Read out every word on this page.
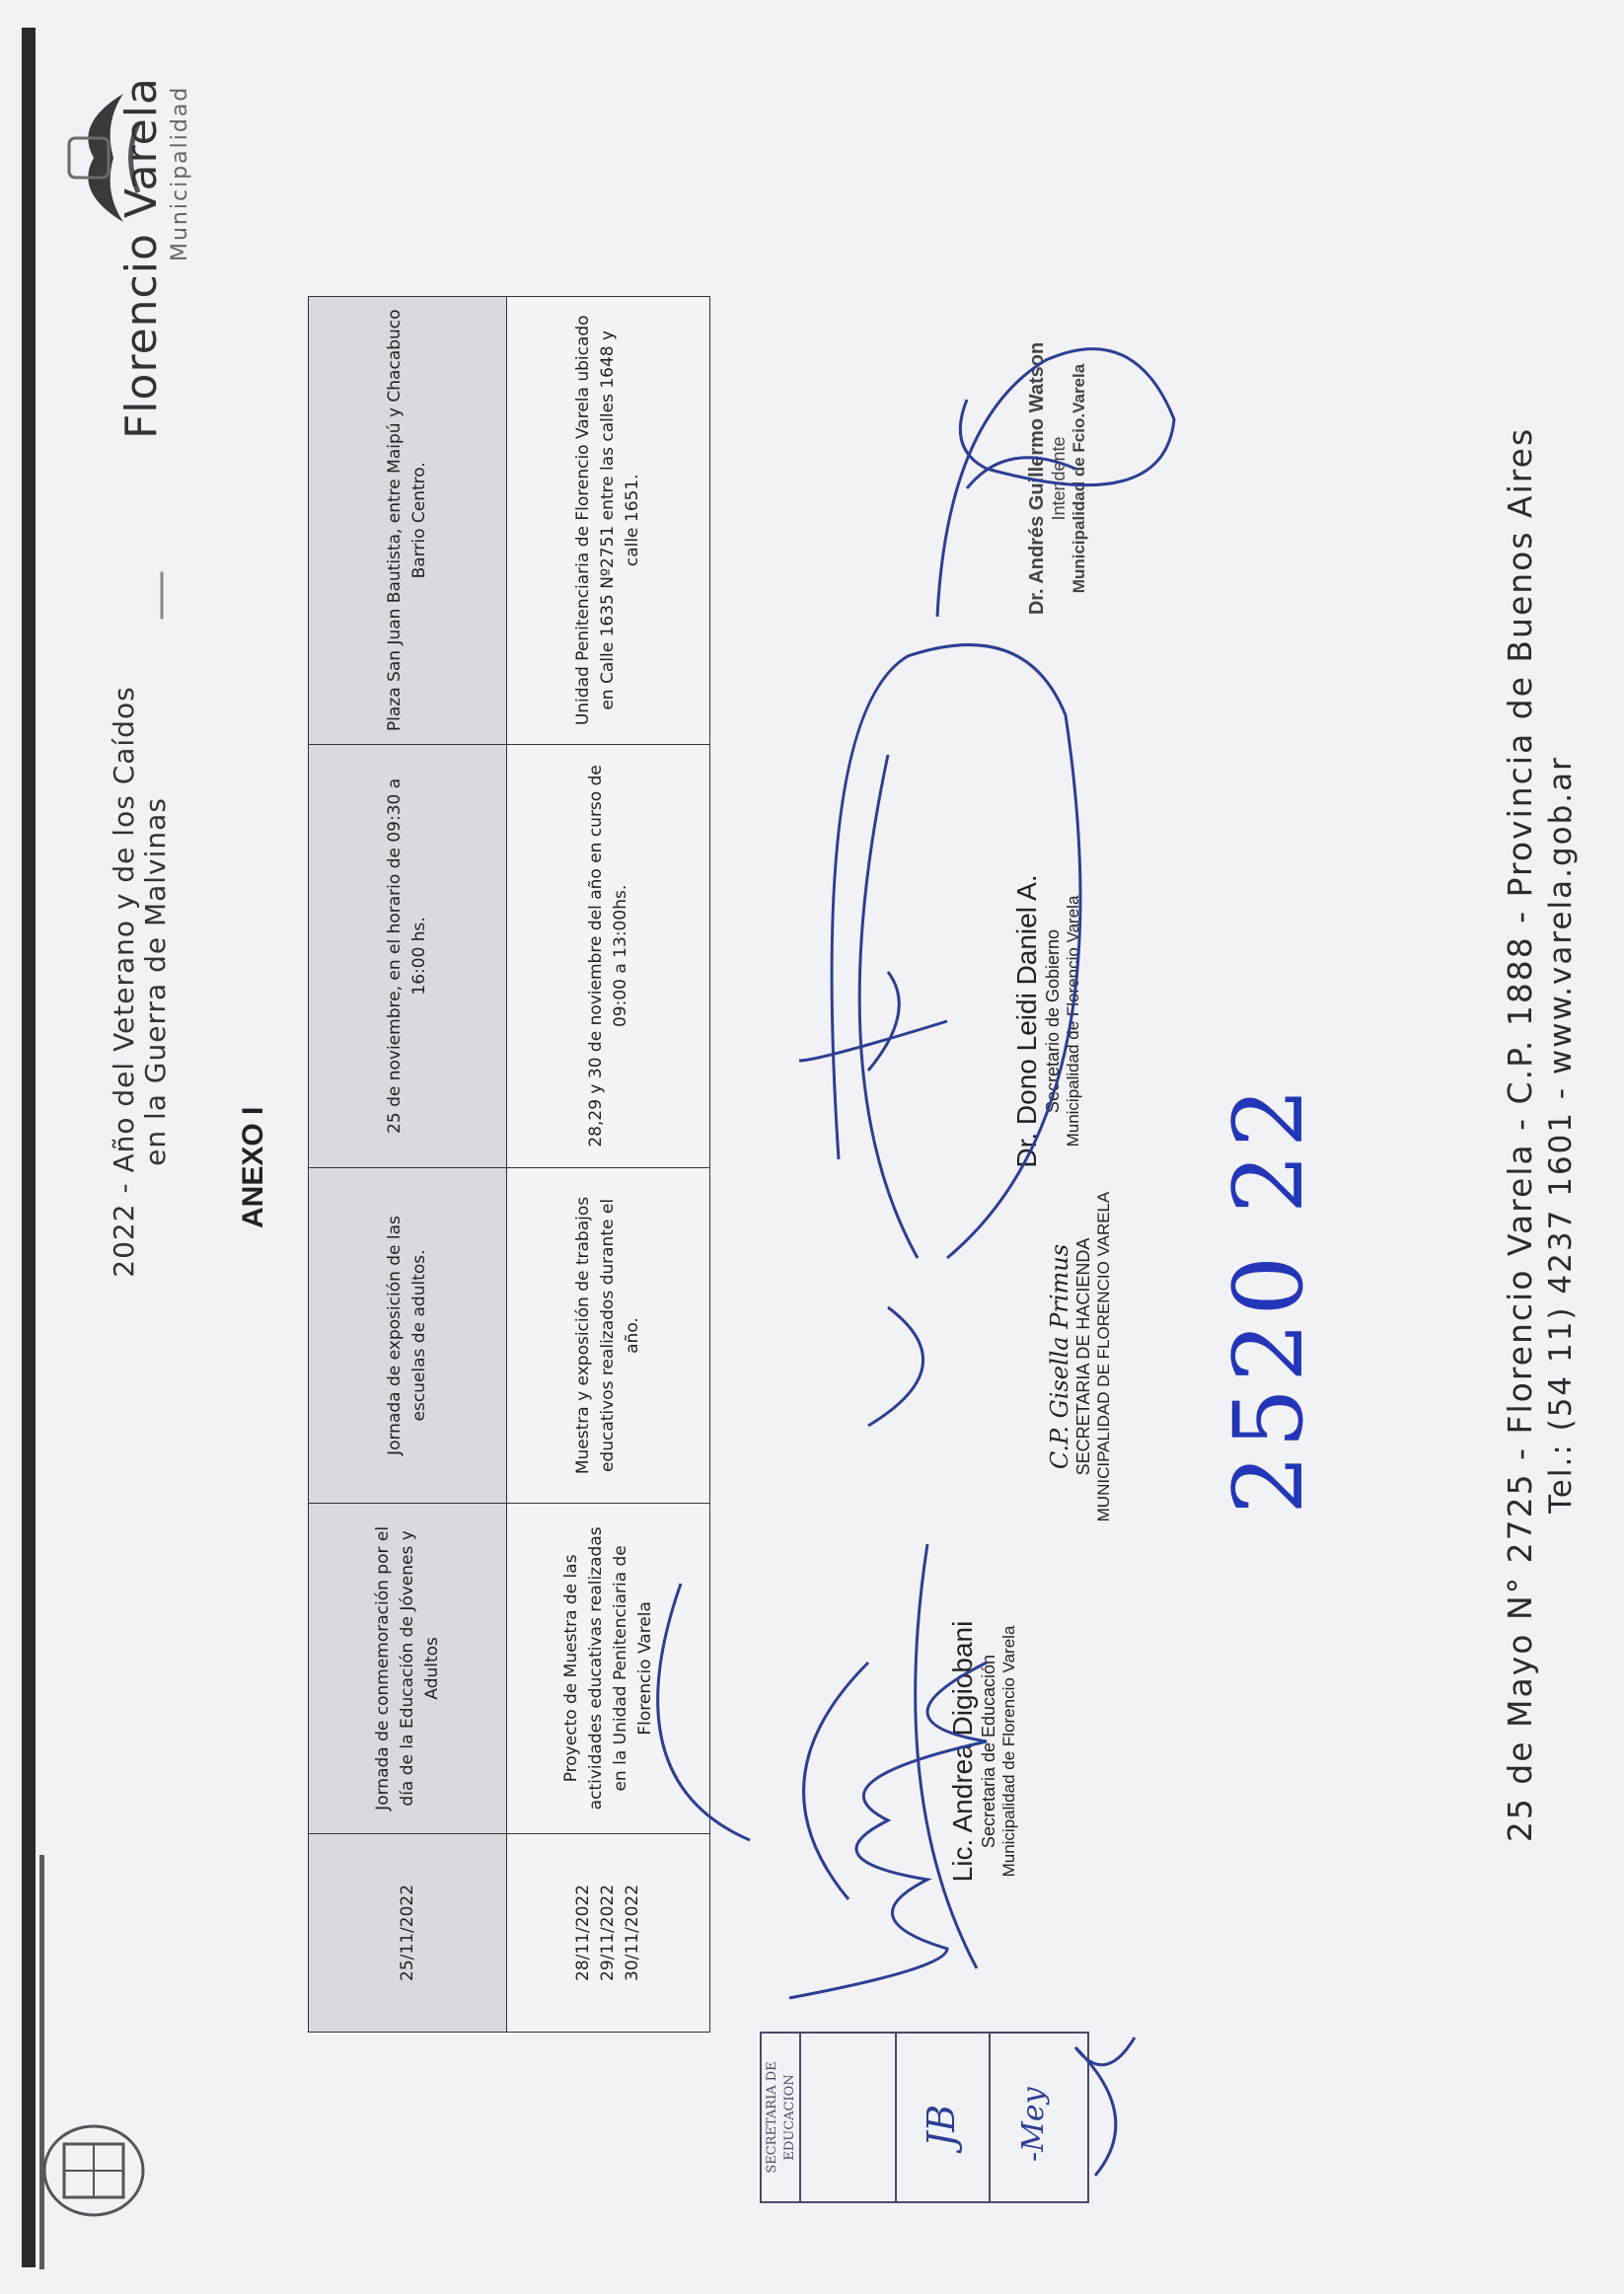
2022 - Año del Veterano y de los Caídos en la Guerra de Malvinas
Florencio Varela Municipalidad
ANEXO I
25/11/2022	Jornada de conmemoración por el día de la Educación de Jóvenes y Adultos	Jornada de exposición de las escuelas de adultos.	25 de noviembre, en el horario de 09:30 a 16:00 hs.	Plaza San Juan Bautista, entre Maipú y Chacabuco Barrio Centro.
28/11/2022
29/11/2022
30/11/2022	Proyecto de Muestra de las actividades educativas realizadas en la Unidad Penitenciaria de Florencio Varela	Muestra y exposición de trabajos educativos realizados durante el año.	28,29 y 30 de noviembre del año en curso de 09:00 a 13:00hs.	Unidad Penitenciaria de Florencio Varela ubicado en Calle 1635 Nº2751 entre las calles 1648 y calle 1651.
SECRETARIA DE EDUCACION	JB -Mey
Lic. Andrea Digiobani Secretaria de Educación Municipalidad de Florencio Varela
C.P. Gisella Primus SECRETARIA DE HACIENDA MUNICIPALIDAD DE FLORENCIO VARELA
Dr. Dono Leidi Daniel A. Secretario de Gobierno Municipalidad de Florencio Varela
Dr. Andrés Guillermo Watson Intendente Municipalidad de Fcio.Varela
2520 22	25 de Mayo N° 2725 - Florencio Varela - C.P. 1888 - Provincia de Buenos Aires Tel.: (54 11) 4237 1601 - www.varela.gob.ar
